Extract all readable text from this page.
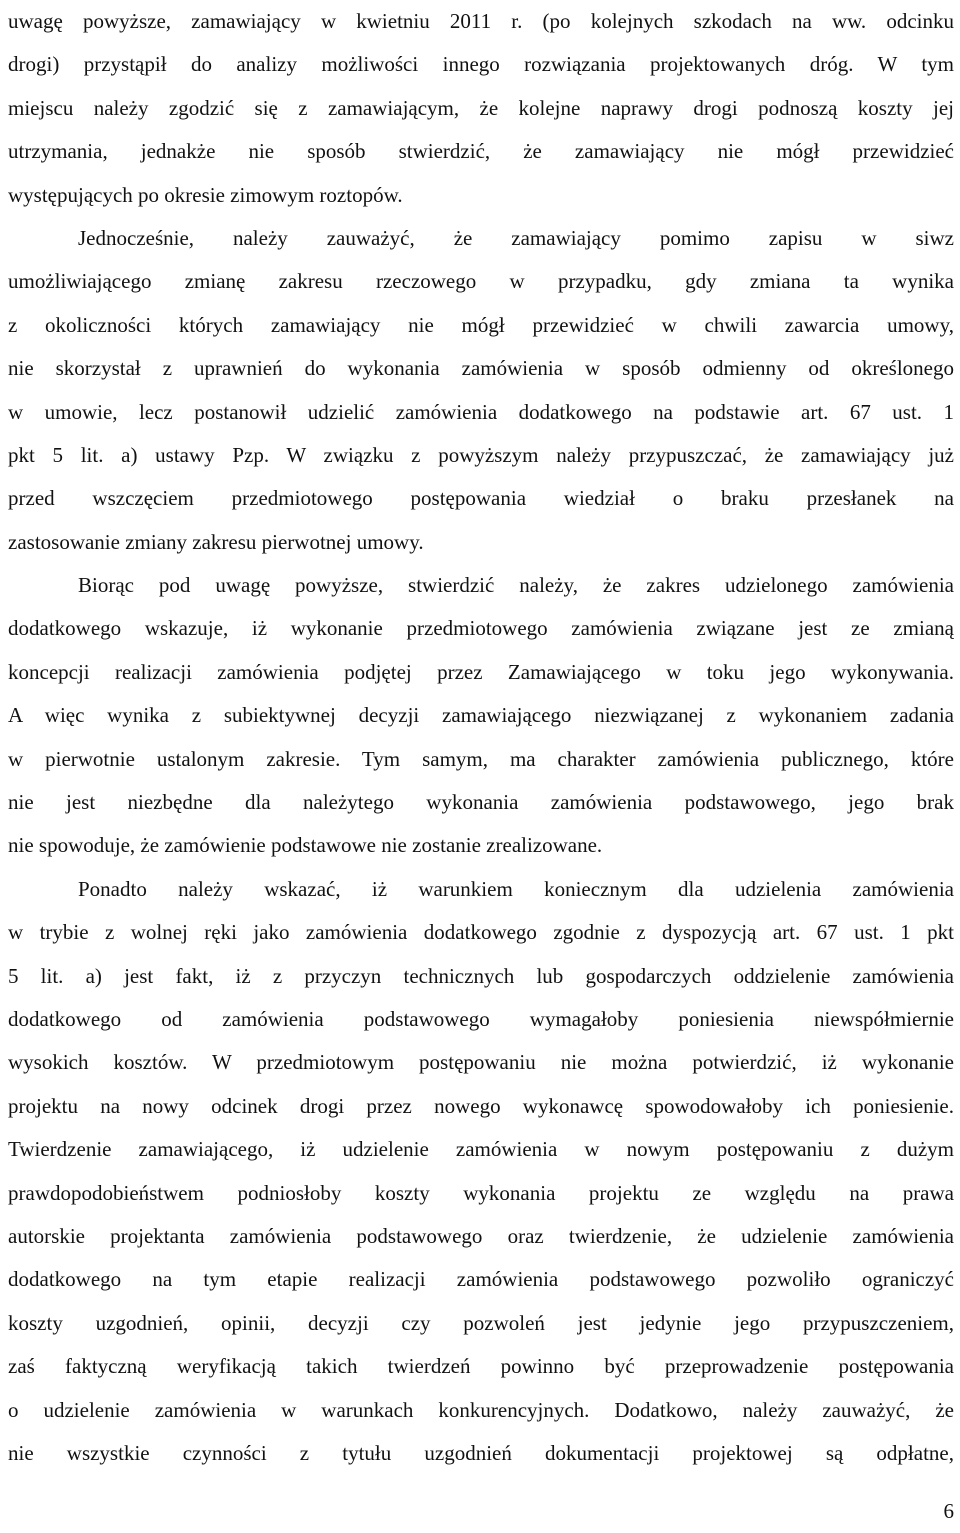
uwagę powyższe, zamawiający w kwietniu 2011 r. (po kolejnych szkodach na ww. odcinku
drogi) przystąpił do analizy możliwości innego rozwiązania projektowanych dróg. W tym
miejscu należy zgodzić się z zamawiającym, że kolejne naprawy drogi podnoszą koszty jej
utrzymania, jednakże nie sposób stwierdzić, że zamawiający nie mógł przewidzieć
występujących po okresie zimowym roztopów.
Jednocześnie, należy zauważyć, że zamawiający pomimo zapisu w siwz
umożliwiającego zmianę zakresu rzeczowego w przypadku, gdy zmiana ta wynika
z okoliczności których zamawiający nie mógł przewidzieć w chwili zawarcia umowy,
nie skorzystał z uprawnień do wykonania zamówienia w sposób odmienny od określonego
w umowie, lecz postanowił udzielić zamówienia dodatkowego na podstawie art. 67 ust. 1
pkt 5 lit. a) ustawy Pzp. W związku z powyższym należy przypuszczać, że zamawiający już
przed wszczęciem przedmiotowego postępowania wiedział o braku przesłanek na
zastosowanie zmiany zakresu pierwotnej umowy.
Biorąc pod uwagę powyższe, stwierdzić należy, że zakres udzielonego zamówienia
dodatkowego wskazuje, iż wykonanie przedmiotowego zamówienia związane jest ze zmianą
koncepcji realizacji zamówienia podjętej przez Zamawiającego w toku jego wykonywania.
A więc wynika z subiektywnej decyzji zamawiającego niezwiązanej z wykonaniem zadania
w pierwotnie ustalonym zakresie. Tym samym, ma charakter zamówienia publicznego, które
nie jest niezbędne dla należytego wykonania zamówienia podstawowego, jego brak
nie spowoduje, że zamówienie podstawowe nie zostanie zrealizowane.
Ponadto należy wskazać, iż warunkiem koniecznym dla udzielenia zamówienia
w trybie z wolnej ręki jako zamówienia dodatkowego zgodnie z dyspozycją art. 67 ust. 1 pkt
5 lit. a) jest fakt, iż z przyczyn technicznych lub gospodarczych oddzielenie zamówienia
dodatkowego od zamówienia podstawowego wymagałoby poniesienia niewspółmiernie
wysokich kosztów. W przedmiotowym postępowaniu nie można potwierdzić, iż wykonanie
projektu na nowy odcinek drogi przez nowego wykonawcę spowodowałoby ich poniesienie.
Twierdzenie zamawiającego, iż udzielenie zamówienia w nowym postępowaniu z dużym
prawdopodobieństwem podniosłoby koszty wykonania projektu ze względu na prawa
autorskie projektanta zamówienia podstawowego oraz twierdzenie, że udzielenie zamówienia
dodatkowego na tym etapie realizacji zamówienia podstawowego pozwoliło ograniczyć
koszty uzgodnień, opinii, decyzji czy pozwoleń jest jedynie jego przypuszczeniem,
zaś faktyczną weryfikacją takich twierdzeń powinno być przeprowadzenie postępowania
o udzielenie zamówienia w warunkach konkurencyjnych. Dodatkowo, należy zauważyć, że
nie wszystkie czynności z tytułu uzgodnień dokumentacji projektowej są odpłatne,
6
